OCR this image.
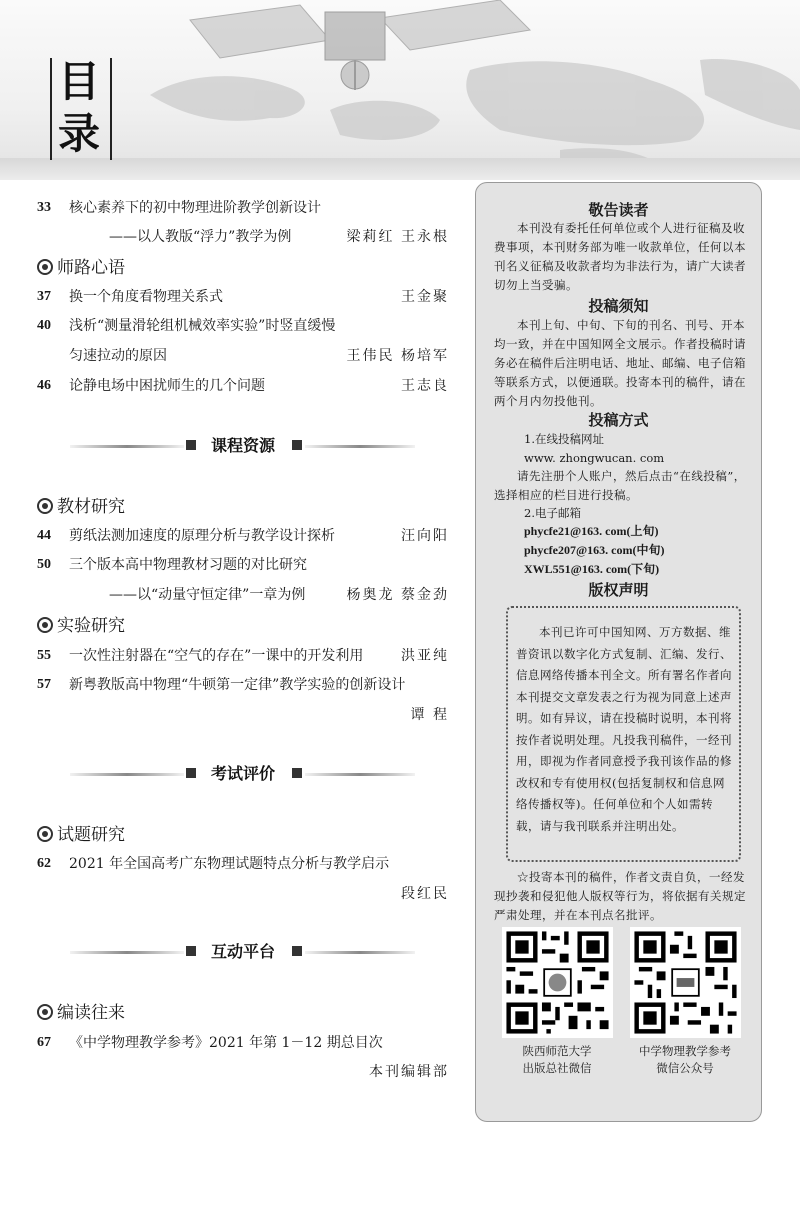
目
录
33	核心素养下的初中物理进阶教学创新设计
——以人教版“浮力”教学为例	梁莉红 王永根
师路心语
37	换一个角度看物理关系式	王金聚
40	浅析“测量滑轮组机械效率实验”时竖直缓慢
匀速拉动的原因	王伟民 杨培军
46	论静电场中困扰师生的几个问题	王志良
课程资源
教材研究
44	剪纸法测加速度的原理分析与教学设计探析	汪向阳
50	三个版本高中物理教材习题的对比研究
——以“动量守恒定律”一章为例	杨奥龙 蔡金劲
实验研究
55	一次性注射器在“空气的存在”一课中的开发利用	洪亚纯
57	新粤教版高中物理“牛顿第一定律”教学实验的创新设计
谭 程
考试评价
试题研究
62	2021 年全国高考广东物理试题特点分析与教学启示
段红民
互动平台
编读往来
67	《中学物理教学参考》2021 年第 1－12 期总目次
本刊编辑部
敬告读者

本刊没有委托任何单位或个人进行征稿及收费事项，本刊财务部为唯一收款单位，任何以本刊名义征稿及收款者均为非法行为，请广大读者切勿上当受骗。

投稿须知

本刊上旬、中旬、下旬的刊名、刊号、开本均一致，并在中国知网全文展示。作者投稿时请务必在稿件后注明电话、地址、邮编、电子信箱等联系方式，以便通联。投寄本刊的稿件，请在两个月内勿投他刊。

投稿方式
1.在线投稿网址
www. zhongwucan. com

请先注册个人账户，然后点击“在线投稿”，选择相应的栏目进行投稿。

2.电子邮箱
phycfe21@163. com(上旬)
phycfe207@163. com(中旬)
XWL551@163. com(下旬)
版权声明

本刊已许可中国知网、万方数据、维普资讯以数字化方式复制、汇编、发行、信息网络传播本刊全文。所有署名作者向本刊提交文章发表之行为视为同意上述声明。如有异议，请在投稿时说明，本刊将按作者说明处理。凡投我刊稿件，一经刊用，即视为作者同意授予我刊该作品的修改权和专有使用权(包括复制权和信息网络传播权等)。任何单位和个人如需转载，请与我刊联系并注明出处。

☆投寄本刊的稿件，作者文责自负，一经发现抄袭和侵犯他人版权等行为，将依据有关规定严肃处理，并在本刊点名批评。

陕西师范大学
出版总社微信
中学物理教学参考
微信公众号
